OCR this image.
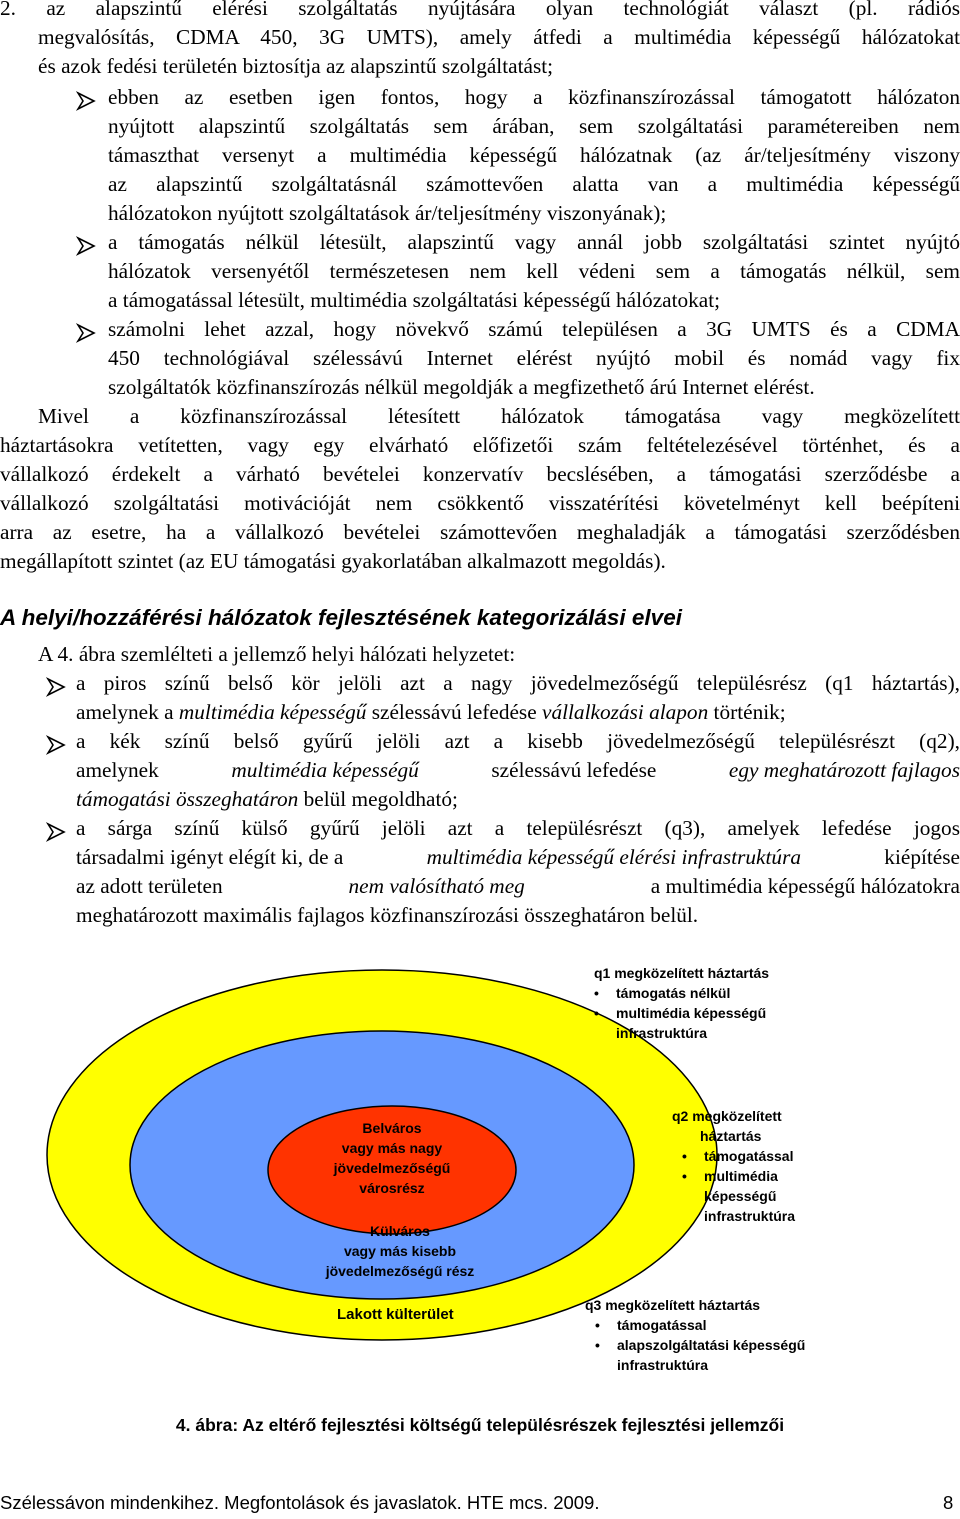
2. az alapszintű elérési szolgáltatás nyújtására olyan technológiát választ (pl. rádiós
megvalósítás, CDMA 450, 3G UMTS), amely átfedi a multimédia képességű hálózatokat
és azok fedési területén biztosítja az alapszintű szolgáltatást;
ebben az esetben igen fontos, hogy a közfinanszírozással támogatott hálózaton
nyújtott alapszintű szolgáltatás sem árában, sem szolgáltatási paramétereiben nem
támaszthat versenyt a multimédia képességű hálózatnak (az ár/teljesítmény viszony
az alapszintű szolgáltatásnál számottevően alatta van a multimédia képességű
hálózatokon nyújtott szolgáltatások ár/teljesítmény viszonyának);
a támogatás nélkül létesült, alapszintű vagy annál jobb szolgáltatási szintet nyújtó
hálózatok versenyétől természetesen nem kell védeni sem a támogatás nélkül, sem
a támogatással létesült, multimédia szolgáltatási képességű hálózatokat;
számolni lehet azzal, hogy növekvő számú településen a 3G UMTS és a CDMA
450 technológiával szélessávú Internet elérést nyújtó mobil és nomád vagy fix
szolgáltatók közfinanszírozás nélkül megoldják a megfizethető árú Internet elérést.
Mivel a közfinanszírozással létesített hálózatok támogatása vagy megközelített
háztartásokra vetítetten, vagy egy elvárható előfizetői szám feltételezésével történhet, és a
vállalkozó érdekelt a várható bevételei konzervatív becslésében, a támogatási szerződésbe a
vállalkozó szolgáltatási motivációját nem csökkentő visszatérítési követelményt kell beépíteni
arra az esetre, ha a vállalkozó bevételei számottevően meghaladják a támogatási szerződésben
megállapított szintet (az EU támogatási gyakorlatában alkalmazott megoldás).
A helyi/hozzáférési hálózatok fejlesztésének kategorizálási elvei
A 4. ábra szemlélteti a jellemző helyi hálózati helyzetet:
a piros színű belső kör jelöli azt a nagy jövedelmezőségű településrész (q1 háztartás),
amelynek a multimédia képességű szélessávú lefedése vállalkozási alapon történik;
a kék színű belső gyűrű jelöli azt a kisebb jövedelmezőségű településrészt (q2),
amelynek	multimédia képességű	szélessávú lefedése	egy meghatározott fajlagos
támogatási összeghatáron belül megoldható;
a sárga színű külső gyűrű jelöli azt a településrészt (q3), amelyek lefedése jogos
társadalmi igényt elégít ki, de a	multimédia képességű elérési infrastruktúra	kiépítése
az adott területen	nem valósítható meg	a multimédia képességű hálózatokra
meghatározott maximális fajlagos közfinanszírozási összeghatáron belül.
Belváros
vagy más nagy
jövedelmezőségű
városrész
Külváros
vagy más kisebb
jövedelmezőségű rész
Lakott külterület
q1 megközelített háztartás
• támogatás nélkül
• multimédia képességű
infrastruktúra
q2 megközelített
háztartás
• támogatással
• multimédia
képességű
infrastruktúra
q3 megközelített háztartás
• támogatással
• alapszolgáltatási képességű
infrastruktúra
4. ábra: Az eltérő fejlesztési költségű településrészek fejlesztési jellemzői
Szélessávon mindenkihez. Megfontolások és javaslatok. HTE mcs. 2009.	8
